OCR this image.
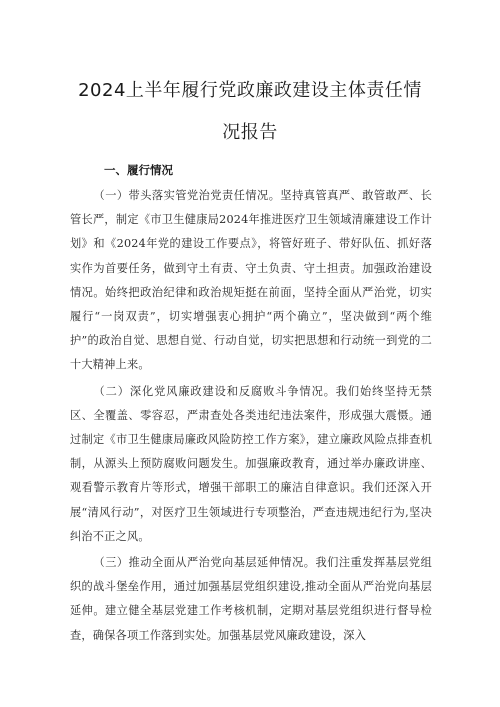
2024上半年履行党政廉政建设主体责任情
况报告
一、履行情况

（一）带头落实管党治党责任情况。坚持真管真严、敢管敢严、长管长严，制定《市卫生健康局2024年推进医疗卫生领域清廉建设工作计划》和《2024年党的建设工作要点》，将管好班子、带好队伍、抓好落实作为首要任务，做到守土有责、守土负责、守土担责。加强政治建设情况。始终把政治纪律和政治规矩挺在前面，坚持全面从严治党，切实履行“一岗双责”，切实增强衷心拥护“两个确立”，坚决做到“两个维护”的政治自觉、思想自觉、行动自觉，切实把思想和行动统一到党的二十大精神上来。

（二）深化党风廉政建设和反腐败斗争情况。我们始终坚持无禁区、全覆盖、零容忍，严肃查处各类违纪违法案件，形成强大震慑。通过制定《市卫生健康局廉政风险防控工作方案》，建立廉政风险点排查机制，从源头上预防腐败问题发生。加强廉政教育，通过举办廉政讲座、观看警示教育片等形式，增强干部职工的廉洁自律意识。我们还深入开展“清风行动”，对医疗卫生领域进行专项整治，严查违规违纪行为,坚决纠治不正之风。

（三）推动全面从严治党向基层延伸情况。我们注重发挥基层党组织的战斗堡垒作用，通过加强基层党组织建设,推动全面从严治党向基层延伸。建立健全基层党建工作考核机制，定期对基层党组织进行督导检查，确保各项工作落到实处。加强基层党风廉政建设，深入
